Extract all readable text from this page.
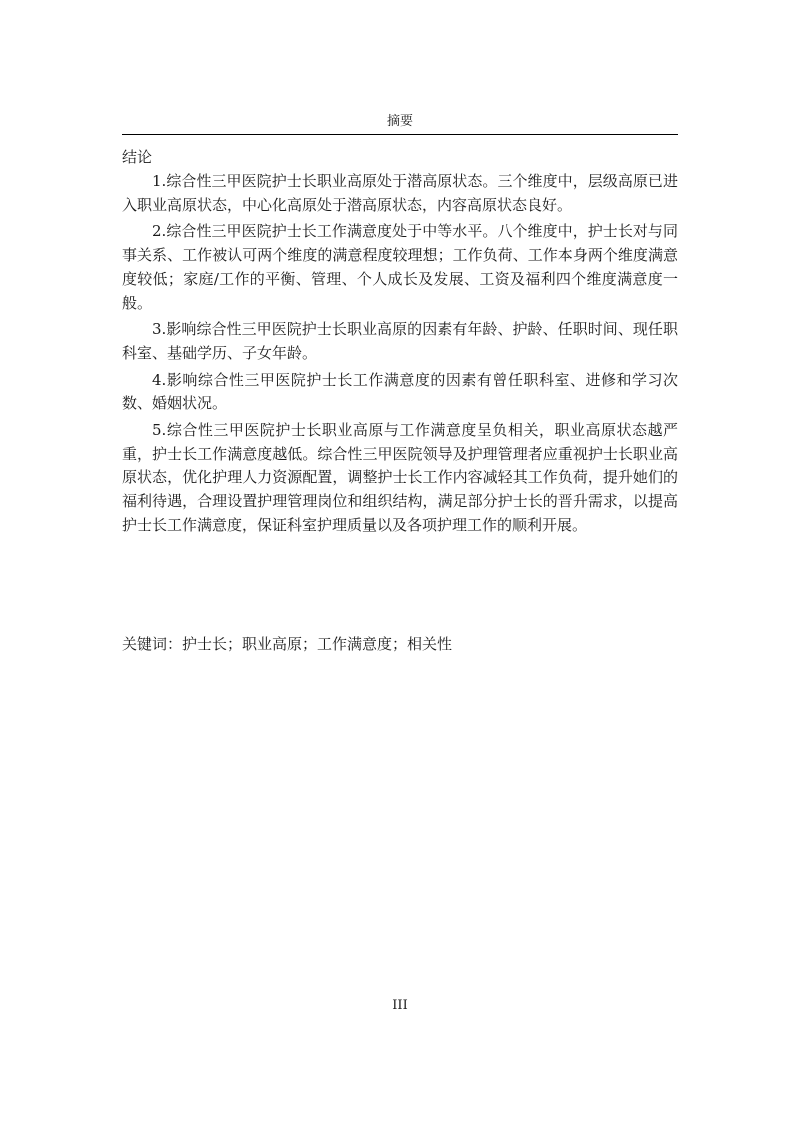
摘要
结论

1.综合性三甲医院护士长职业高原处于潜高原状态。三个维度中，层级高原已进入职业高原状态，中心化高原处于潜高原状态，内容高原状态良好。

2.综合性三甲医院护士长工作满意度处于中等水平。八个维度中，护士长对与同事关系、工作被认可两个维度的满意程度较理想；工作负荷、工作本身两个维度满意度较低；家庭/工作的平衡、管理、个人成长及发展、工资及福利四个维度满意度一般。

3.影响综合性三甲医院护士长职业高原的因素有年龄、护龄、任职时间、现任职科室、基础学历、子女年龄。

4.影响综合性三甲医院护士长工作满意度的因素有曾任职科室、进修和学习次数、婚姻状况。

5.综合性三甲医院护士长职业高原与工作满意度呈负相关，职业高原状态越严重，护士长工作满意度越低。综合性三甲医院领导及护理管理者应重视护士长职业高原状态，优化护理人力资源配置，调整护士长工作内容减轻其工作负荷，提升她们的福利待遇，合理设置护理管理岗位和组织结构，满足部分护士长的晋升需求，以提高护士长工作满意度，保证科室护理质量以及各项护理工作的顺利开展。

关键词：护士长；职业高原；工作满意度；相关性
III
